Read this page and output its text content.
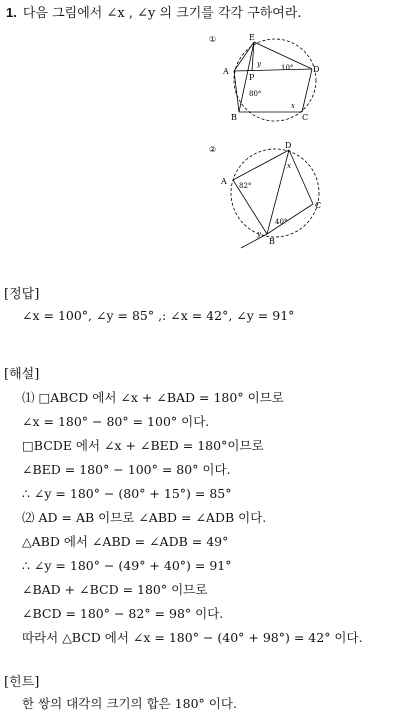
1. 다음 그림에서 ∠x , ∠y 의 크기를 각각 구하여라.
①	E
A
P
D
B	C
y	10°
80°
x
②	D
A
C
B
82°
x
40°
y
[정답]
∠x = 100°, ∠y = 85° ,: ∠x = 42°, ∠y = 91°
[해설]
⑴ □ABCD 에서 ∠x + ∠BAD = 180° 이므로
∠x = 180° − 80° = 100° 이다.
□BCDE 에서 ∠x + ∠BED = 180°이므로
∠BED = 180° − 100° = 80° 이다.
∴ ∠y = 180° − (80° + 15°) = 85°
⑵ AD = AB 이므로 ∠ABD = ∠ADB 이다.
△ABD 에서 ∠ABD = ∠ADB = 49°
∴ ∠y = 180° − (49° + 40°) = 91°
∠BAD + ∠BCD = 180° 이므로
∠BCD = 180° − 82° = 98° 이다.
따라서 △BCD 에서 ∠x = 180° − (40° + 98°) = 42° 이다.
[힌트]
한 쌍의 대각의 크기의 합은 180° 이다.
